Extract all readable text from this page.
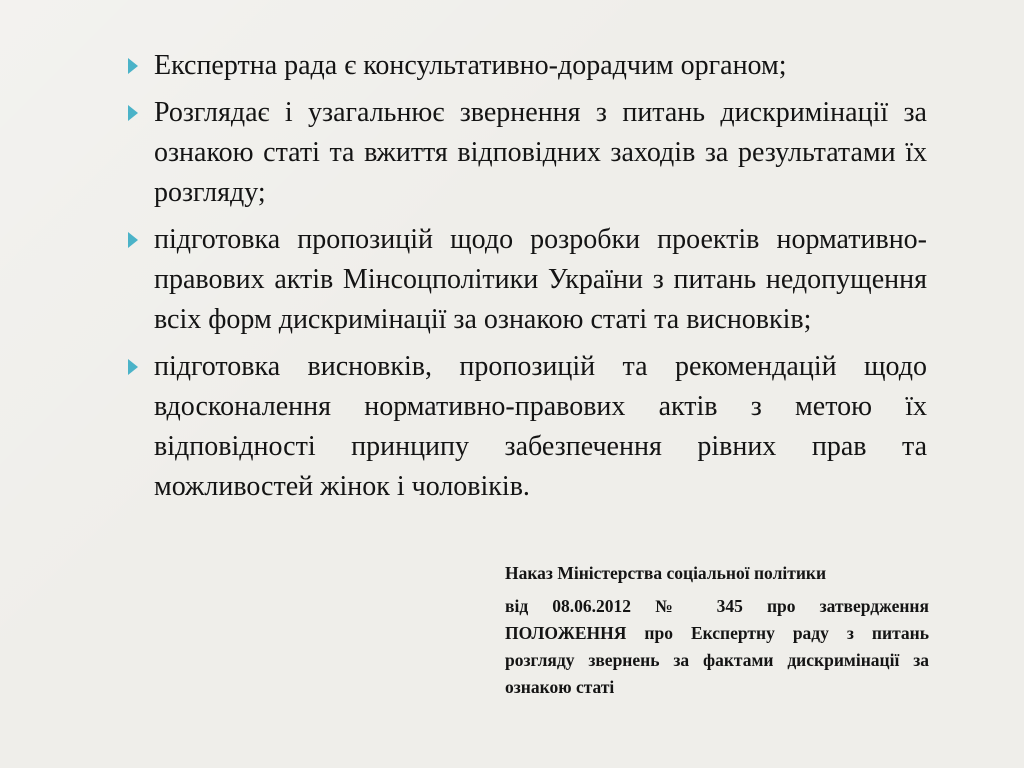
Експертна рада є консультативно-дорадчим органом;
Розглядає і узагальнює звернення з питань дискримінації за ознакою статі та вжиття відповідних заходів за результатами їх розгляду;
підготовка пропозицій щодо розробки проектів нормативно-правових актів Мінсоцполітики України з питань недопущення всіх форм дискримінації за ознакою статі та висновків;
підготовка висновків, пропозицій та рекомендацій щодо вдосконалення нормативно-правових актів з метою їх відповідності принципу забезпечення рівних прав та можливостей жінок і чоловіків.

Наказ Міністерства соціальної політики

від 08.06.2012 № 345 про затвердження ПОЛОЖЕННЯ про Експертну раду з питань розгляду звернень за фактами дискримінації за ознакою статі
